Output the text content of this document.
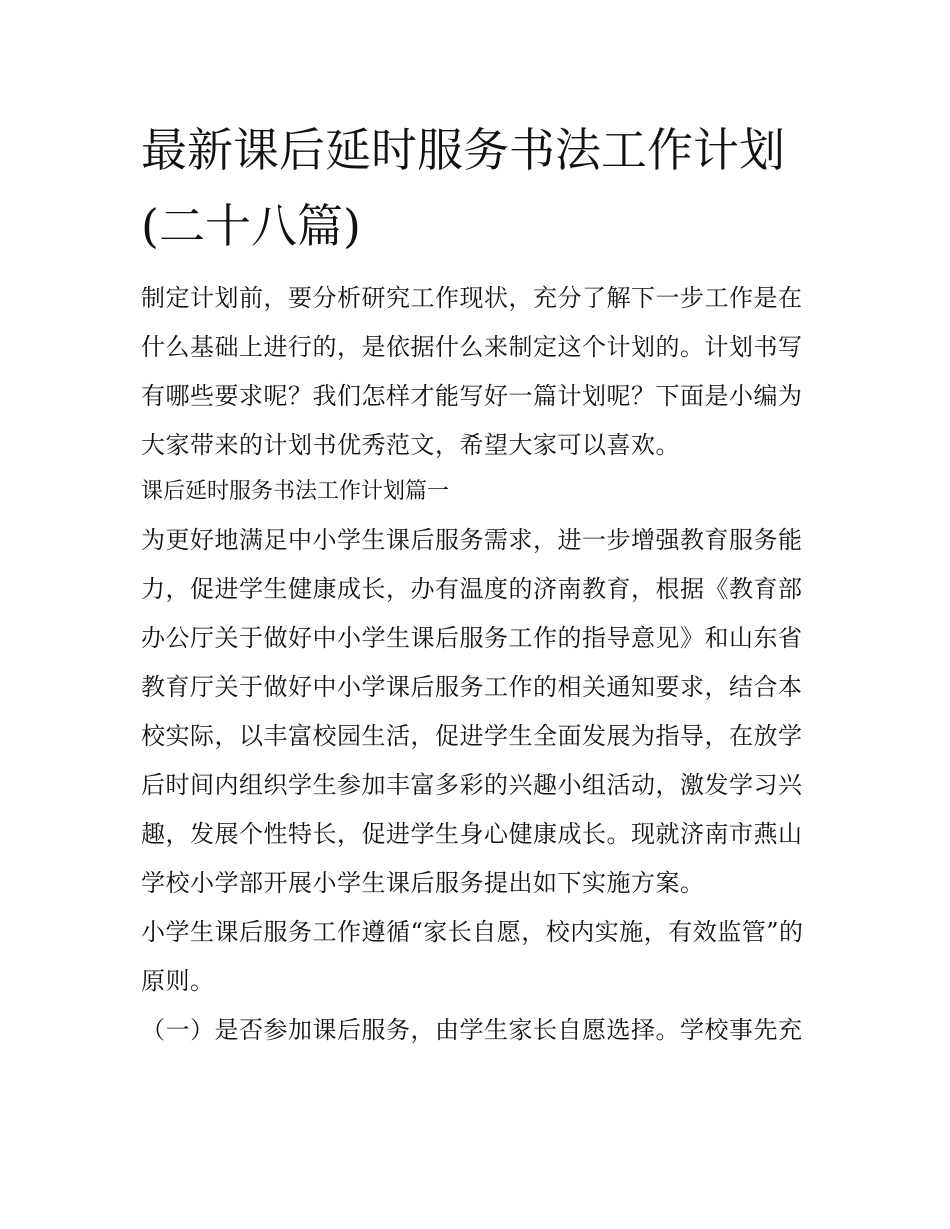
最新课后延时服务书法工作计划(二十八篇)

制定计划前，要分析研究工作现状，充分了解下一步工作是在什么基础上进行的，是依据什么来制定这个计划的。计划书写有哪些要求呢？我们怎样才能写好一篇计划呢？下面是小编为大家带来的计划书优秀范文，希望大家可以喜欢。

课后延时服务书法工作计划篇一

为更好地满足中小学生课后服务需求，进一步增强教育服务能力，促进学生健康成长，办有温度的济南教育，根据《教育部办公厅关于做好中小学生课后服务工作的指导意见》和山东省教育厅关于做好中小学课后服务工作的相关通知要求，结合本校实际，以丰富校园生活，促进学生全面发展为指导，在放学后时间内组织学生参加丰富多彩的兴趣小组活动，激发学习兴趣，发展个性特长，促进学生身心健康成长。现就济南市燕山学校小学部开展小学生课后服务提出如下实施方案。

小学生课后服务工作遵循“家长自愿，校内实施，有效监管”的原则。

（一）是否参加课后服务，由学生家长自愿选择。学校事先充
